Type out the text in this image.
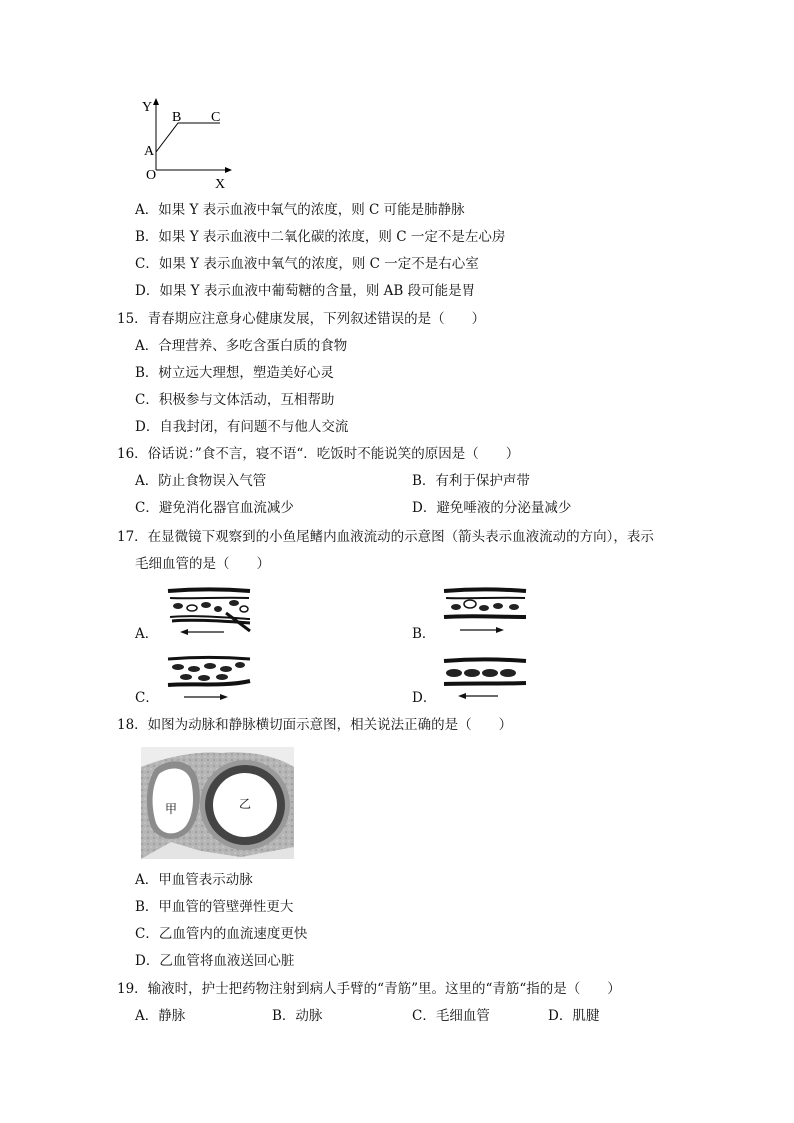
Y
B C
A
O
X
A．如果 Y 表示血液中氧气的浓度，则 C 可能是肺静脉
B．如果 Y 表示血液中二氧化碳的浓度，则 C 一定不是左心房
C．如果 Y 表示血液中氧气的浓度，则 C 一定不是右心室
D．如果 Y 表示血液中葡萄糖的含量，则 AB 段可能是胃
15．青春期应注意身心健康发展，下列叙述错误的是（　　）
A．合理营养、多吃含蛋白质的食物
B．树立远大理想，塑造美好心灵
C．积极参与文体活动，互相帮助
D．自我封闭，有问题不与他人交流
16．俗话说：”食不言，寝不语“．吃饭时不能说笑的原因是（　　）
A．防止食物误入气管	B．有利于保护声带
C．避免消化器官血流减少	D．避免唾液的分泌量减少
17．在显微镜下观察到的小鱼尾鳍内血液流动的示意图（箭头表示血液流动的方向），表示
毛细血管的是（　　）
A．	B．
C．	D．
18．如图为动脉和静脉横切面示意图，相关说法正确的是（　　）
甲	乙
A．甲血管表示动脉
B．甲血管的管壁弹性更大
C．乙血管内的血流速度更快
D．乙血管将血液送回心脏
19．输液时，护士把药物注射到病人手臂的“青筋”里。这里的“青筋“指的是（　　）
A．静脉	B．动脉	C．毛细血管	D．肌腱
